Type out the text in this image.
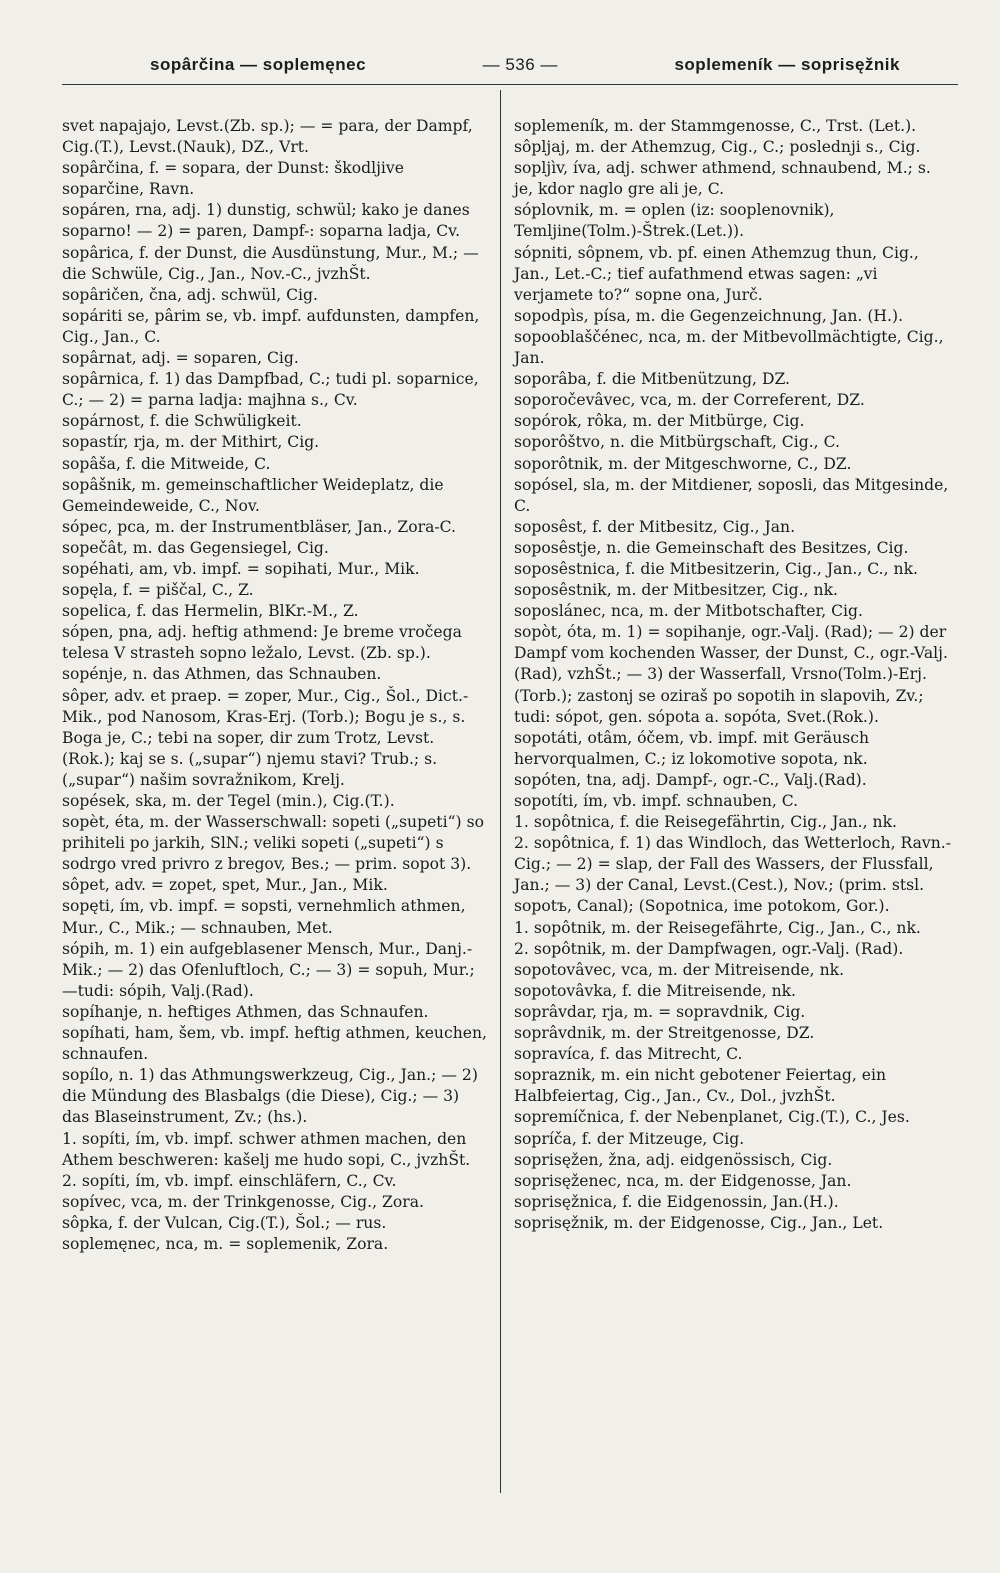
sopârčina — soplemęnec	— 536 —	soplemeník — soprisęžnik

svet napajajo, Levst.(Zb. sp.); — = para, der Dampf, Cig.(T.), Levst.(Nauk), DZ., Vrt.

sopârčina, f. = sopara, der Dunst: škodljive soparčine, Ravn.

sopáren, rna, adj. 1) dunstig, schwül; kako je danes soparno! — 2) = paren, Dampf-: soparna ladja, Cv.

sopârica, f. der Dunst, die Ausdünstung, Mur., M.; — die Schwüle, Cig., Jan., Nov.-C., jvzhŠt.

sopâričen, čna, adj. schwül, Cig.

sopáriti se, pârim se, vb. impf. aufdunsten, dampfen, Cig., Jan., C.

sopârnat, adj. = soparen, Cig.

sopârnica, f. 1) das Dampfbad, C.; tudi pl. soparnice, C.; — 2) = parna ladja: majhna s., Cv.

sopárnost, f. die Schwüligkeit.

sopastír, rja, m. der Mithirt, Cig.

sopâša, f. die Mitweide, C.

sopâšnik, m. gemeinschaftlicher Weideplatz, die Gemeindeweide, C., Nov.

sópec, pca, m. der Instrumentbläser, Jan., Zora-C.

sopečât, m. das Gegensiegel, Cig.

sopéhati, am, vb. impf. = sopihati, Mur., Mik.

sopęla, f. = piščal, C., Z.

sopelica, f. das Hermelin, BlKr.-M., Z.

sópen, pna, adj. heftig athmend: Je breme vročega telesa V strasteh sopno ležalo, Levst. (Zb. sp.).

sopénje, n. das Athmen, das Schnauben.

sôper, adv. et praep. = zoper, Mur., Cig., Šol., Dict.-Mik., pod Nanosom, Kras-Erj. (Torb.); Bogu je s., s. Boga je, C.; tebi na soper, dir zum Trotz, Levst.(Rok.); kaj se s. („supar“) njemu stavi? Trub.; s. („supar“) našim sovražnikom, Krelj.

sopések, ska, m. der Tegel (min.), Cig.(T.).

sopèt, éta, m. der Wasserschwall: sopeti („supeti“) so prihiteli po jarkih, SlN.; veliki sopeti („supeti“) s sodrgo vred privro z bregov, Bes.; — prim. sopot 3).

sôpet, adv. = zopet, spet, Mur., Jan., Mik.

sopęti, ím, vb. impf. = sopsti, vernehmlich athmen, Mur., C., Mik.; — schnauben, Met.

sópih, m. 1) ein aufgeblasener Mensch, Mur., Danj.-Mik.; — 2) das Ofenluftloch, C.; — 3) = sopuh, Mur.; —tudi: sópih, Valj.(Rad).

sopíhanje, n. heftiges Athmen, das Schnaufen.

sopíhati, ham, šem, vb. impf. heftig athmen, keuchen, schnaufen.

sopílo, n. 1) das Athmungswerkzeug, Cig., Jan.; — 2) die Mündung des Blasbalgs (die Diese), Cig.; — 3) das Blaseinstrument, Zv.; (hs.).

1. sopíti, ím, vb. impf. schwer athmen machen, den Athem beschweren: kašelj me hudo sopi, C., jvzhŠt.

2. sopíti, ím, vb. impf. einschläfern, C., Cv.

sopívec, vca, m. der Trinkgenosse, Cig., Zora.

sôpka, f. der Vulcan, Cig.(T.), Šol.; — rus.

soplemęnec, nca, m. = soplemenik, Zora.

soplemeník, m. der Stammgenosse, C., Trst. (Let.).

sôpljaj, m. der Athemzug, Cig., C.; poslednji s., Cig.

sopljìv, íva, adj. schwer athmend, schnaubend, M.; s. je, kdor naglo gre ali je, C.

sóplovnik, m. = oplen (iz: sooplenovnik), Temljine(Tolm.)-Štrek.(Let.)).

sópniti, sôpnem, vb. pf. einen Athemzug thun, Cig., Jan., Let.-C.; tief aufathmend etwas sagen: „vi verjamete to?“ sopne ona, Jurč.

sopodpìs, písa, m. die Gegenzeichnung, Jan. (H.).

sopooblaščénec, nca, m. der Mitbevollmächtigte, Cig., Jan.

soporâba, f. die Mitbenützung, DZ.

soporočevâvec, vca, m. der Correferent, DZ.

sopórok, rôka, m. der Mitbürge, Cig.

soporôštvo, n. die Mitbürgschaft, Cig., C.

soporôtnik, m. der Mitgeschworne, C., DZ.

sopósel, sla, m. der Mitdiener, soposli, das Mitgesinde, C.

soposêst, f. der Mitbesitz, Cig., Jan.

soposêstje, n. die Gemeinschaft des Besitzes, Cig.

soposêstnica, f. die Mitbesitzerin, Cig., Jan., C., nk.

soposêstnik, m. der Mitbesitzer, Cig., nk.

soposlánec, nca, m. der Mitbotschafter, Cig.

sopòt, óta, m. 1) = sopihanje, ogr.-Valj. (Rad); — 2) der Dampf vom kochenden Wasser, der Dunst, C., ogr.-Valj.(Rad), vzhŠt.; — 3) der Wasserfall, Vrsno(Tolm.)-Erj. (Torb.); zastonj se oziraš po sopotih in slapovih, Zv.; tudi: sópot, gen. sópota a. sopóta, Svet.(Rok.).

sopotáti, otâm, óčem, vb. impf. mit Geräusch hervorqualmen, C.; iz lokomotive sopota, nk.

sopóten, tna, adj. Dampf-, ogr.-C., Valj.(Rad).

sopotíti, ím, vb. impf. schnauben, C.

1. sopôtnica, f. die Reisegefährtin, Cig., Jan., nk.

2. sopôtnica, f. 1) das Windloch, das Wetterloch, Ravn.-Cig.; — 2) = slap, der Fall des Wassers, der Flussfall, Jan.; — 3) der Canal, Levst.(Cest.), Nov.; (prim. stsl. sopotъ, Canal); (Sopotnica, ime potokom, Gor.).

1. sopôtnik, m. der Reisegefährte, Cig., Jan., C., nk.

2. sopôtnik, m. der Dampfwagen, ogr.-Valj. (Rad).

sopotovâvec, vca, m. der Mitreisende, nk.

sopotovâvka, f. die Mitreisende, nk.

soprâvdar, rja, m. = sopravdnik, Cig.

soprâvdnik, m. der Streitgenosse, DZ.

sopravíca, f. das Mitrecht, C.

sopraznik, m. ein nicht gebotener Feiertag, ein Halbfeiertag, Cig., Jan., Cv., Dol., jvzhŠt.

sopremíčnica, f. der Nebenplanet, Cig.(T.), C., Jes.

sopríča, f. der Mitzeuge, Cig.

soprisęžen, žna, adj. eidgenössisch, Cig.

soprisęženec, nca, m. der Eidgenosse, Jan.

soprisęžnica, f. die Eidgenossin, Jan.(H.).

soprisęžnik, m. der Eidgenosse, Cig., Jan., Let.
